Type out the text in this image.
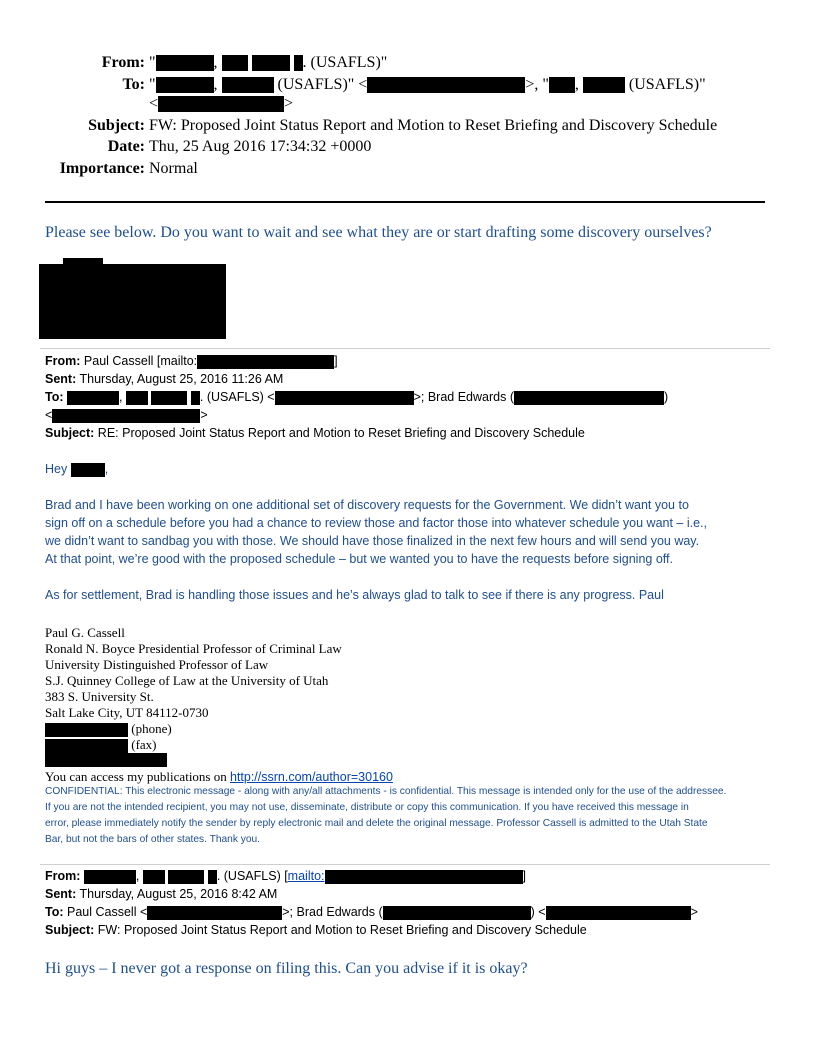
From: "	,	. (USAFLS)"
To: "	,	(USAFLS)" <	>, " ,	(USAFLS)"
<	>
Subject: FW: Proposed Joint Status Report and Motion to Reset Briefing and Discovery Schedule
Date: Thu, 25 Aug 2016 17:34:32 +0000
Importance: Normal
Please see below. Do you want to wait and see what they are or start drafting some discovery ourselves?
From: Paul Cassell [mailto:	]
Sent: Thursday, August 25, 2016 11:26 AM
To:	,	. (USAFLS) <	>; Brad Edwards (	)
<	>
Subject: RE: Proposed Joint Status Report and Motion to Reset Briefing and Discovery Schedule
Hey	,
Brad and I have been working on one additional set of discovery requests for the Government. We didn’t want you to
sign off on a schedule before you had a chance to review those and factor those into whatever schedule you want – i.e.,
we didn’t want to sandbag you with those. We should have those finalized in the next few hours and will send you way.
At that point, we’re good with the proposed schedule – but we wanted you to have the requests before signing off.
As for settlement, Brad is handling those issues and he’s always glad to talk to see if there is any progress. Paul
Paul G. Cassell
Ronald N. Boyce Presidential Professor of Criminal Law
University Distinguished Professor of Law
S.J. Quinney College of Law at the University of Utah
383 S. University St.
Salt Lake City, UT 84112-0730
(phone)
(fax)
You can access my publications on http://ssrn.com/author=30160
CONFIDENTIAL: This electronic message - along with any/all attachments - is confidential. This message is intended only for the use of the addressee.
If you are not the intended recipient, you may not use, disseminate, distribute or copy this communication. If you have received this message in
error, please immediately notify the sender by reply electronic mail and delete the original message. Professor Cassell is admitted to the Utah State
Bar, but not the bars of other states. Thank you.
From:	,	. (USAFLS) [mailto:	]
Sent: Thursday, August 25, 2016 8:42 AM
To: Paul Cassell <	>; Brad Edwards (	) <	>
Subject: FW: Proposed Joint Status Report and Motion to Reset Briefing and Discovery Schedule
Hi guys – I never got a response on filing this. Can you advise if it is okay?
